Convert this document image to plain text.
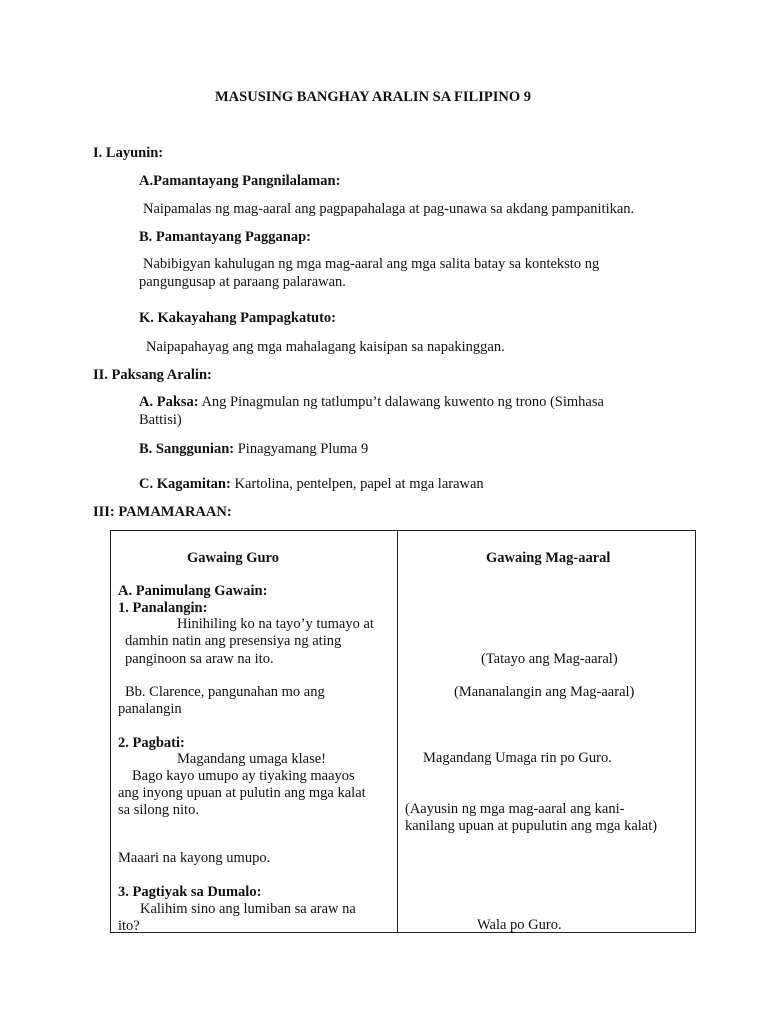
MASUSING BANGHAY ARALIN SA FILIPINO 9
I. Layunin:
A.Pamantayang Pangnilalaman:
Naipamalas ng mag-aaral ang pagpapahalaga at pag-unawa sa akdang pampanitikan.
B. Pamantayang Pagganap:
Nabibigyan kahulugan ng mga mag-aaral ang mga salita batay sa konteksto ng
pangungusap at paraang palarawan.
K. Kakayahang Pampagkatuto:
Naipapahayag ang mga mahalagang kaisipan sa napakinggan.
II. Paksang Aralin:
A. Paksa: Ang Pinagmulan ng tatlumpu’t dalawang kuwento ng trono (Simhasa
Battisi)
B. Sanggunian: Pinagyamang Pluma 9
C. Kagamitan: Kartolina, pentelpen, papel at mga larawan
III: PAMAMARAAN:
Gawaing Guro
A. Panimulang Gawain:
1. Panalangin:
Hinihiling ko na tayo’y tumayo at
damhin natin ang presensiya ng ating
panginoon sa araw na ito.
Bb. Clarence, pangunahan mo ang
panalangin
2. Pagbati:
Magandang umaga klase!
Bago kayo umupo ay tiyaking maayos
ang inyong upuan at pulutin ang mga kalat
sa silong nito.
Maaari na kayong umupo.
3. Pagtiyak sa Dumalo:
Kalihim sino ang lumiban sa araw na
ito?
Gawaing Mag-aaral
(Tatayo ang Mag-aaral)
(Mananalangin ang Mag-aaral)
Magandang Umaga rin po Guro.
(Aayusin ng mga mag-aaral ang kani-
kanilang upuan at pupulutin ang mga kalat)
Wala po Guro.
